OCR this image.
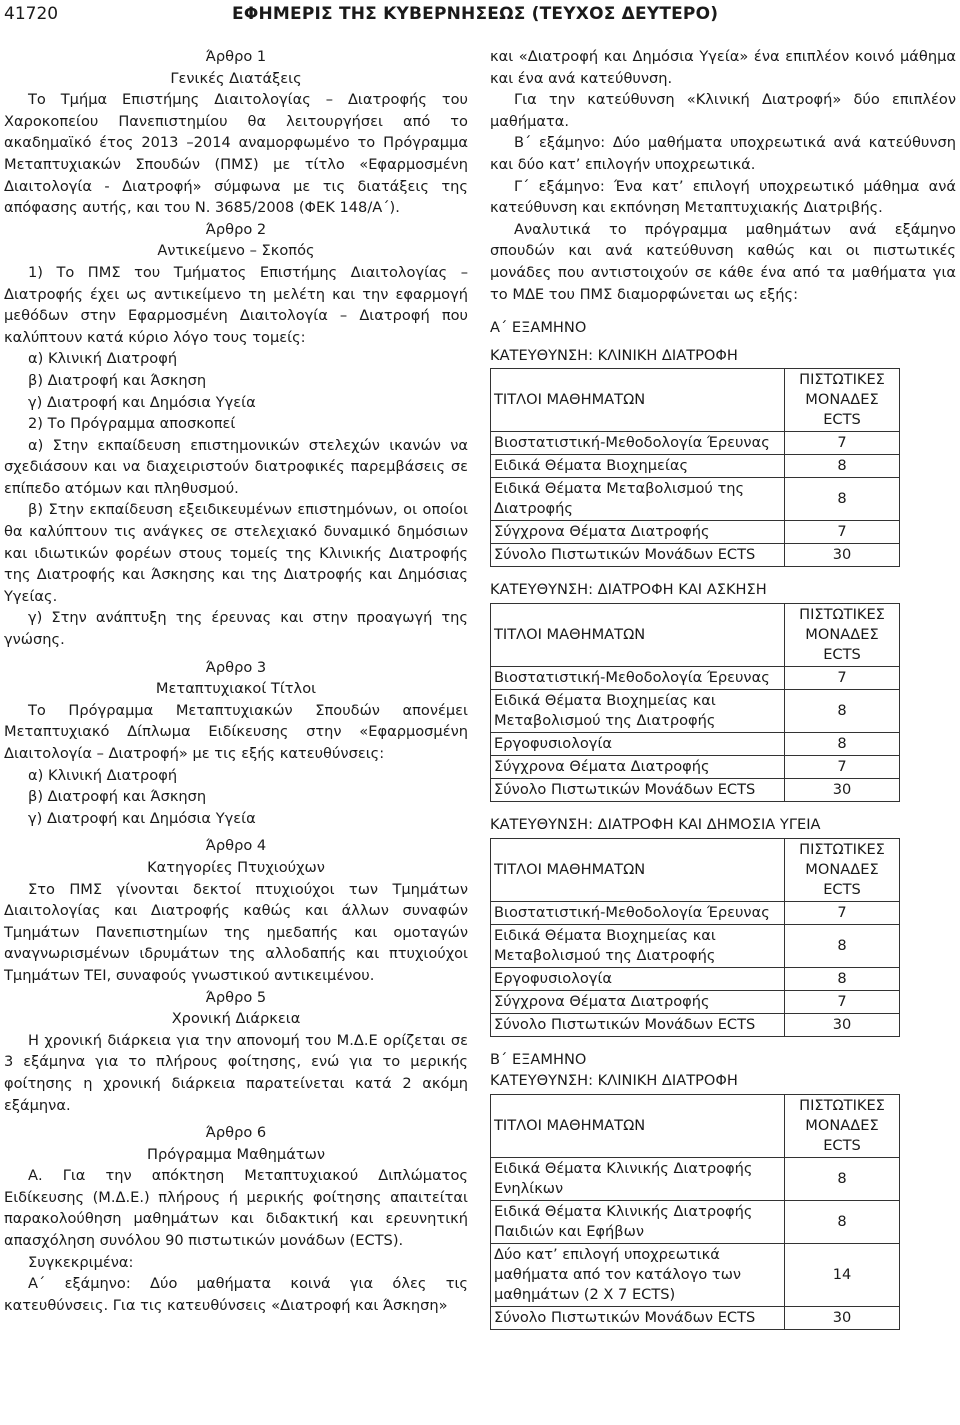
41720	ΕΦΗΜΕΡΙΣ ΤΗΣ ΚΥΒΕΡΝΗΣΕΩΣ (ΤΕΥΧΟΣ ΔΕΥΤΕΡΟ)
Άρθρο 1
Γενικές Διατάξεις

Το Τμήμα Επιστήμης Διαιτολογίας – Διατροφής του Χαροκοπείου Πανεπιστημίου θα λειτουργήσει από το ακαδημαϊκό έτος 2013 –2014 αναμορφωμένο το Πρόγραμμα Μεταπτυχιακών Σπουδών (ΠΜΣ) με τίτλο «Εφαρμοσμένη Διαιτολογία - Διατροφή» σύμφωνα με τις διατάξεις της απόφασης αυτής, και του Ν. 3685/2008 (ΦΕΚ 148/Α΄).

Άρθρο 2
Αντικείμενο – Σκοπός

1) Το ΠΜΣ του Τμήματος Επιστήμης Διαιτολογίας – Διατροφής έχει ως αντικείμενο τη μελέτη και την εφαρμογή μεθόδων στην Εφαρμοσμένη Διαιτολογία – Διατροφή που καλύπτουν κατά κύριο λόγο τους τομείς:

α) Κλινική Διατροφή
β) Διατροφή και Άσκηση
γ) Διατροφή και Δημόσια Υγεία
2) Το Πρόγραμμα αποσκοπεί

α) Στην εκπαίδευση επιστημονικών στελεχών ικανών να σχεδιάσουν και να διαχειριστούν διατροφικές παρεμβάσεις σε επίπεδο ατόμων και πληθυσμού.

β) Στην εκπαίδευση εξειδικευμένων επιστημόνων, οι οποίοι θα καλύπτουν τις ανάγκες σε στελεχιακό δυναμικό δημόσιων και ιδιωτικών φορέων στους τομείς της Κλινικής Διατροφής της Διατροφής και Άσκησης και της Διατροφής και Δημόσιας Υγείας.

γ) Στην ανάπτυξη της έρευνας και στην προαγωγή της γνώσης.

Άρθρο 3
Μεταπτυχιακοί Τίτλοι

Το Πρόγραμμα Μεταπτυχιακών Σπουδών απονέμει Μεταπτυχιακό Δίπλωμα Ειδίκευσης στην «Εφαρμοσμένη Διαιτολογία – Διατροφή» με τις εξής κατευθύνσεις:

α) Κλινική Διατροφή
β) Διατροφή και Άσκηση
γ) Διατροφή και Δημόσια Υγεία
Άρθρο 4
Κατηγορίες Πτυχιούχων

Στο ΠΜΣ γίνονται δεκτοί πτυχιούχοι των Τμημάτων Διαιτολογίας και Διατροφής καθώς και άλλων συναφών Τμημάτων Πανεπιστημίων της ημεδαπής και ομοταγών αναγνωρισμένων ιδρυμάτων της αλλοδαπής και πτυχιούχοι Τμημάτων ΤΕΙ, συναφούς γνωστικού αντικειμένου.

Άρθρο 5
Χρονική Διάρκεια

Η χρονική διάρκεια για την απονομή του Μ.Δ.Ε ορίζεται σε 3 εξάμηνα για το πλήρους φοίτησης, ενώ για το μερικής φοίτησης η χρονική διάρκεια παρατείνεται κατά 2 ακόμη εξάμηνα.

Άρθρο 6
Πρόγραμμα Μαθημάτων

Α. Για την απόκτηση Μεταπτυχιακού Διπλώματος Ειδίκευσης (Μ.Δ.Ε.) πλήρους ή μερικής φοίτησης απαιτείται παρακολούθηση μαθημάτων και διδακτική και ερευνητική απασχόληση συνόλου 90 πιστωτικών μονάδων (ECTS).

Συγκεκριμένα:

Α΄ εξάμηνο: Δύο μαθήματα κοινά για όλες τις κατευθύνσεις. Για τις κατευθύνσεις «Διατροφή και Άσκηση»

και «Διατροφή και Δημόσια Υγεία» ένα επιπλέον κοινό μάθημα και ένα ανά κατεύθυνση.

Για την κατεύθυνση «Κλινική Διατροφή» δύο επιπλέον μαθήματα.

Β΄ εξάμηνο: Δύο μαθήματα υποχρεωτικά ανά κατεύθυνση και δύο κατ’ επιλογήν υποχρεωτικά.

Γ΄ εξάμηνο: Ένα κατ’ επιλογή υποχρεωτικό μάθημα ανά κατεύθυνση και εκπόνηση Μεταπτυχιακής Διατριβής.

Αναλυτικά το πρόγραμμα μαθημάτων ανά εξάμηνο σπουδών και ανά κατεύθυνση καθώς και οι πιστωτικές μονάδες που αντιστοιχούν σε κάθε ένα από τα μαθήματα για το ΜΔΕ του ΠΜΣ διαμορφώνεται ως εξής:

Α΄ ΕΞΑΜΗΝΟ
ΚΑΤΕΥΘΥΝΣΗ: ΚΛΙΝΙΚΗ ΔΙΑΤΡΟΦΗ
ΤΙΤΛΟΙ ΜΑΘΗΜΑΤΩΝ	ΠΙΣΤΩΤΙΚΕΣ ΜΟΝΑΔΕΣ ECTS
Βιοστατιστική-Μεθοδολογία Έρευνας	7
Ειδικά Θέματα Βιοχημείας	8
Ειδικά Θέματα Μεταβολισμού της Διατροφής	8
Σύγχρονα Θέματα Διατροφής	7
Σύνολο Πιστωτικών Μονάδων ECTS	30
ΚΑΤΕΥΘΥΝΣΗ: ΔΙΑΤΡΟΦΗ ΚΑΙ ΑΣΚΗΣΗ
ΤΙΤΛΟΙ ΜΑΘΗΜΑΤΩΝ	ΠΙΣΤΩΤΙΚΕΣ ΜΟΝΑΔΕΣ ECTS
Βιοστατιστική-Μεθοδολογία Έρευνας	7
Ειδικά Θέματα Βιοχημείας και Μεταβολισμού της Διατροφής	8
Εργοφυσιολογία	8
Σύγχρονα Θέματα Διατροφής	7
Σύνολο Πιστωτικών Μονάδων ECTS	30
ΚΑΤΕΥΘΥΝΣΗ: ΔΙΑΤΡΟΦΗ ΚΑΙ ΔΗΜΟΣΙΑ ΥΓΕΙΑ
ΤΙΤΛΟΙ ΜΑΘΗΜΑΤΩΝ	ΠΙΣΤΩΤΙΚΕΣ ΜΟΝΑΔΕΣ ECTS
Βιοστατιστική-Μεθοδολογία Έρευνας	7
Ειδικά Θέματα Βιοχημείας και Μεταβολισμού της Διατροφής	8
Εργοφυσιολογία	8
Σύγχρονα Θέματα Διατροφής	7
Σύνολο Πιστωτικών Μονάδων ECTS	30
Β΄ ΕΞΑΜΗΝΟ
ΚΑΤΕΥΘΥΝΣΗ: ΚΛΙΝΙΚΗ ΔΙΑΤΡΟΦΗ
ΤΙΤΛΟΙ ΜΑΘΗΜΑΤΩΝ	ΠΙΣΤΩΤΙΚΕΣ ΜΟΝΑΔΕΣ ECTS
Ειδικά Θέματα Κλινικής Διατροφής Ενηλίκων	8
Ειδικά Θέματα Κλινικής Διατροφής Παιδιών και Εφήβων	8
Δύο κατ’ επιλογή υποχρεωτικά μαθήματα από τον κατάλογο των μαθημάτων (2 Χ 7 ECTS)	14
Σύνολο Πιστωτικών Μονάδων ECTS	30
